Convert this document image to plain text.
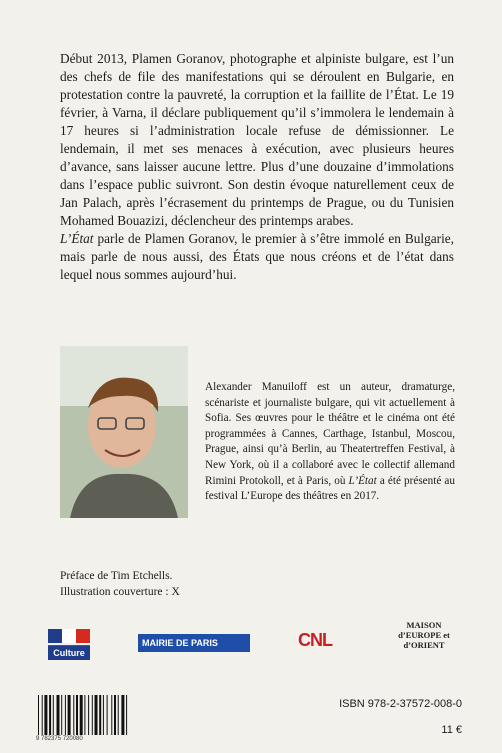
Début 2013, Plamen Goranov, photographe et alpiniste bulgare, est l’un des chefs de file des manifestations qui se déroulent en Bulgarie, en protestation contre la pauvreté, la corruption et la faillite de l’État. Le 19 février, à Varna, il déclare publiquement qu’il s’immolera le lendemain à 17 heures si l’administration locale refuse de démissionner. Le lendemain, il met ses menaces à exécution, avec plusieurs heures d’avance, sans laisser aucune lettre. Plus d’une douzaine d’immolations dans l’espace public suivront. Son destin évoque naturellement ceux de Jan Palach, après l’écrasement du printemps de Prague, ou du Tunisien Mohamed Bouazizi, déclencheur des printemps arabes.

L’État parle de Plamen Goranov, le premier à s’être immolé en Bulgarie, mais parle de nous aussi, des États que nous créons et de l’état dans lequel nous sommes aujourd’hui.

Alexander Manuiloff est un auteur, dramaturge, scénariste et journaliste bulgare, qui vit actuellement à Sofia. Ses œuvres pour le théâtre et le cinéma ont été programmées à Cannes, Carthage, Istanbul, Moscou, Prague, ainsi qu’à Berlin, au Theatertreffen Festival, à New York, où il a collaboré avec le collectif allemand Rimini Protokoll, et à Paris, où L’État a été présenté au festival L’Europe des théâtres en 2017.

Préface de Tim Etchells.
Illustration couverture : X
Culture
MAIRIE DE PARIS	CNL
MAISON d’EUROPE et d’ORIENT
9 782375 720080
ISBN 978-2-37572-008-0
11 €
